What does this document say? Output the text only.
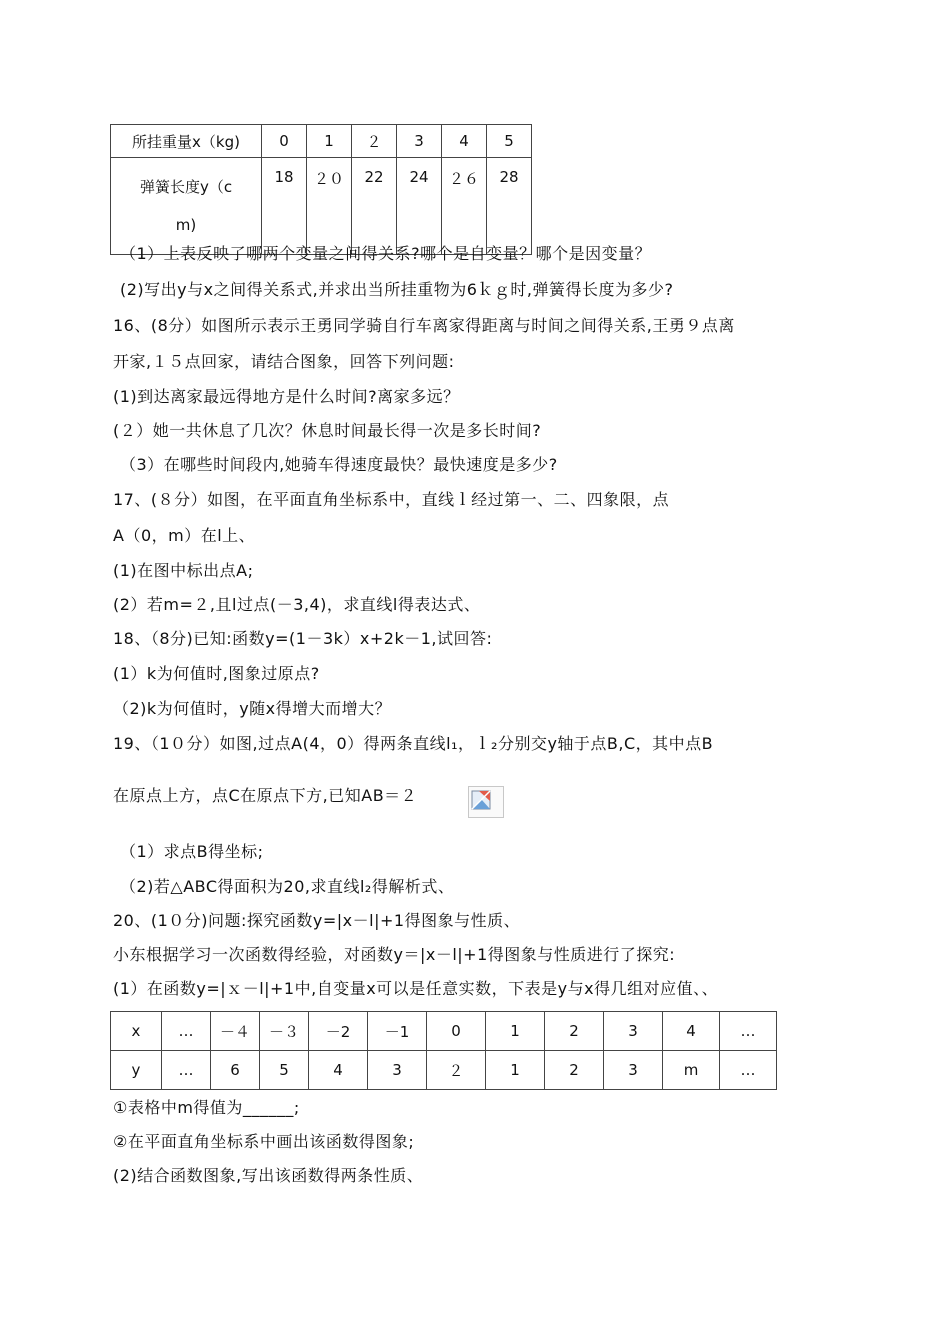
所挂重量x（kg)	0	1	２	3	4	5

弹簧长度y（c
m)	18	２０	22	24	２６	28
（1）上表反映了哪两个变量之间得关系?哪个是自变量？哪个是因变量？
(2)写出y与x之间得关系式,并求出当所挂重物为6ｋｇ时,弹簧得长度为多少?
16、(8分）如图所示表示王勇同学骑自行车离家得距离与时间之间得关系,王勇９点离
开家,１５点回家，请结合图象，回答下列问题:
(1)到达离家最远得地方是什么时间?离家多远？
(２）她一共休息了几次？休息时间最长得一次是多长时间?
（3）在哪些时间段内,她骑车得速度最快？最快速度是多少?
17、(８分）如图，在平面直角坐标系中，直线ｌ经过第一、二、四象限，点
A（0，m）在l上、
(1)在图中标出点A;
(2）若m=２,且l过点(－3,4)，求直线l得表达式、
18、（8分)已知:函数y=(1－3k）x+2k－1,试回答:
(1）k为何值时,图象过原点?
（2)k为何值时，y随x得增大而增大？
19、（1０分）如图,过点A(4，0）得两条直线l₁，ｌ₂分别交y轴于点B,C，其中点B
在原点上方，点C在原点下方,已知AB＝２
（1）求点B得坐标;
（2)若△ABC得面积为20,求直线l₂得解析式、
20、(1０分)问题:探究函数y=|x－l|+1得图象与性质、
小东根据学习一次函数得经验，对函数y＝|x－l|+1得图象与性质进行了探究:
(1）在函数y=|ｘ－l|+1中,自变量x可以是任意实数，下表是y与x得几组对应值、、
x	…	－４	－３	－2	－1	0	1	2	3	4	…
y	…	6	5	4	3	２	1	2	3	m	…
①表格中m得值为______;
②在平面直角坐标系中画出该函数得图象;
(2)结合函数图象,写出该函数得两条性质、
